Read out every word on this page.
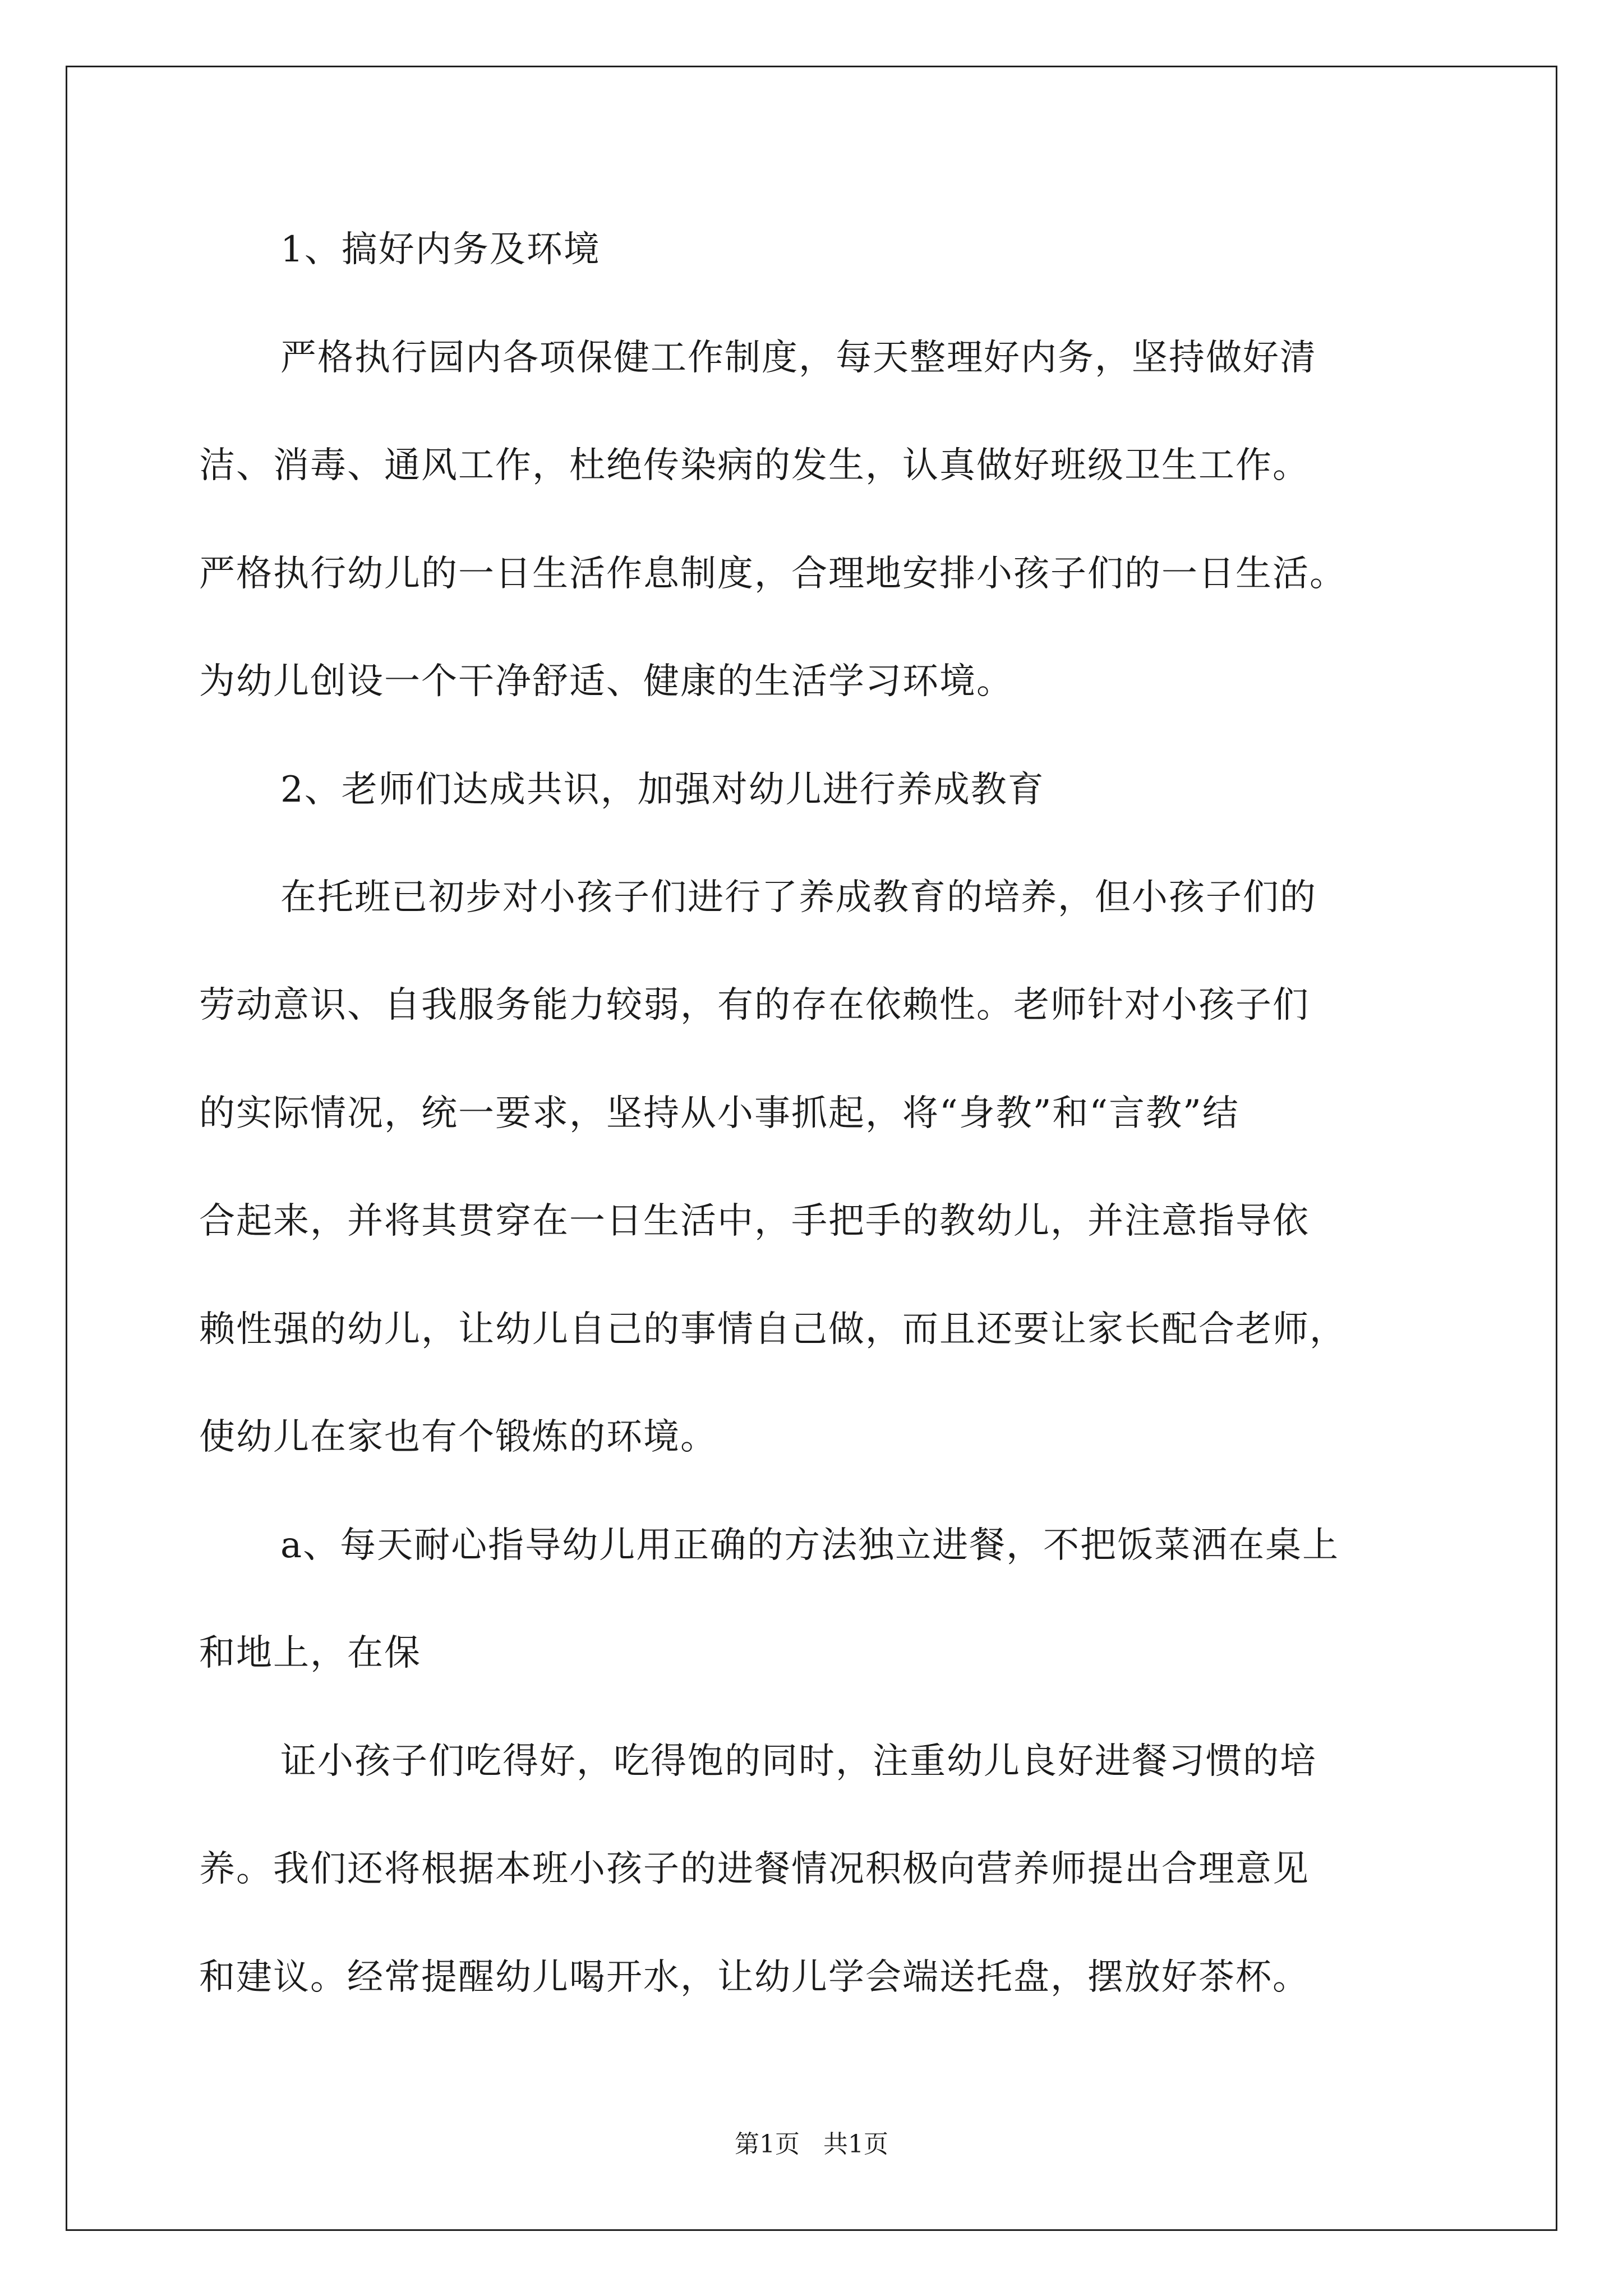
1、搞好内务及环境
严格执行园内各项保健工作制度，每天整理好内务，坚持做好清
洁、消毒、通风工作，杜绝传染病的发生，认真做好班级卫生工作。
严格执行幼儿的一日生活作息制度，合理地安排小孩子们的一日生活。
为幼儿创设一个干净舒适、健康的生活学习环境。
2、老师们达成共识，加强对幼儿进行养成教育
在托班已初步对小孩子们进行了养成教育的培养，但小孩子们的
劳动意识、自我服务能力较弱，有的存在依赖性。老师针对小孩子们
的实际情况，统一要求，坚持从小事抓起，将“身教”和“言教”结
合起来，并将其贯穿在一日生活中，手把手的教幼儿，并注意指导依
赖性强的幼儿，让幼儿自己的事情自己做，而且还要让家长配合老师，
使幼儿在家也有个锻炼的环境。
a、每天耐心指导幼儿用正确的方法独立进餐，不把饭菜洒在桌上
和地上，在保
证小孩子们吃得好，吃得饱的同时，注重幼儿良好进餐习惯的培
养。我们还将根据本班小孩子的进餐情况积极向营养师提出合理意见
和建议。经常提醒幼儿喝开水，让幼儿学会端送托盘，摆放好茶杯。
第1页   共1页
